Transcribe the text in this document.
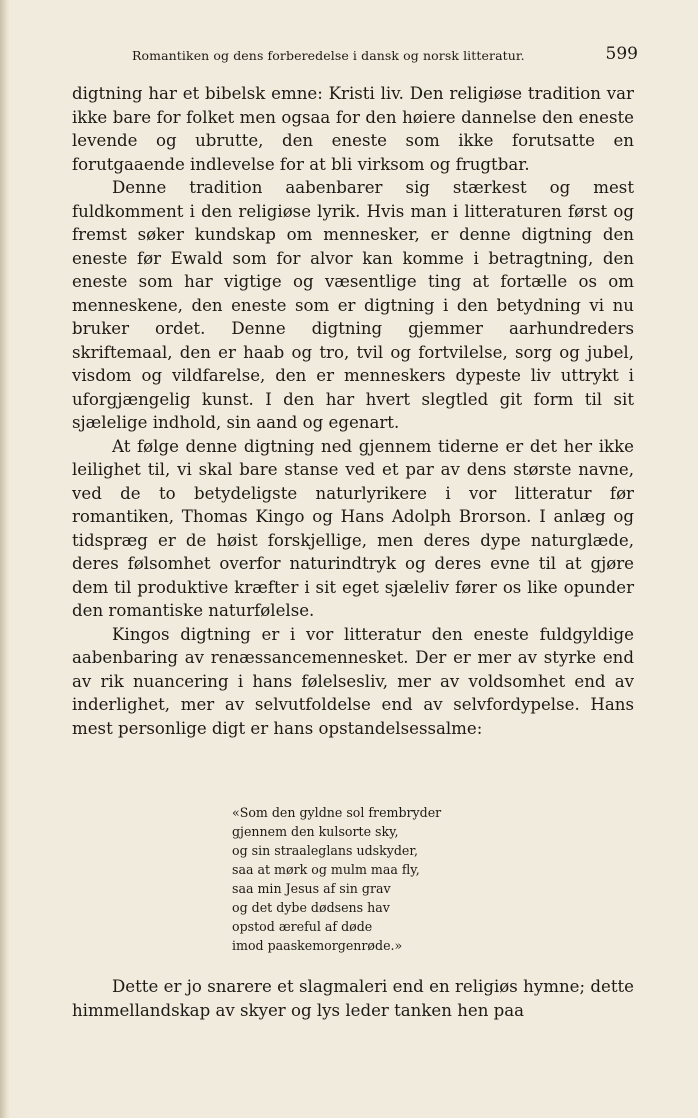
Romantiken og dens forberedelse i dansk og norsk litteratur.	599

digtning har et bibelsk emne: Kristi liv. Den religiøse tradition var ikke bare for folket men ogsaa for den høiere dannelse den eneste levende og ubrutte, den eneste som ikke forutsatte en forutgaaende indlevelse for at bli virksom og frugtbar.

Denne tradition aabenbarer sig stærkest og mest fuldkomment i den religiøse lyrik. Hvis man i litteraturen først og fremst søker kundskap om mennesker, er denne digtning den eneste før Ewald som for alvor kan komme i betragtning, den eneste som har vigtige og væsentlige ting at fortælle os om menneskene, den eneste som er digtning i den betydning vi nu bruker ordet. Denne digtning gjemmer aarhundreders skriftemaal, den er haab og tro, tvil og fortvilelse, sorg og jubel, visdom og vildfarelse, den er menneskers dypeste liv uttrykt i uforgjængelig kunst. I den har hvert slegtled git form til sit sjælelige indhold, sin aand og egenart.

At følge denne digtning ned gjennem tiderne er det her ikke leilighet til, vi skal bare stanse ved et par av dens største navne, ved de to betydeligste naturlyrikere i vor litteratur før romantiken, Thomas Kingo og Hans Adolph Brorson. I anlæg og tidspræg er de høist forskjellige, men deres dype naturglæde, deres følsomhet overfor naturindtryk og deres evne til at gjøre dem til produktive kræfter i sit eget sjæleliv fører os like opunder den romantiske naturfølelse.

Kingos digtning er i vor litteratur den eneste fuldgyldige aabenbaring av renæssancemennesket. Der er mer av styrke end av rik nuancering i hans følelsesliv, mer av voldsomhet end av inderlighet, mer av selvutfoldelse end av selvfordypelse. Hans mest personlige digt er hans opstandelsessalme:

«Som den gyldne sol frembryder
gjennem den kulsorte sky,
og sin straaleglans udskyder,
saa at mørk og mulm maa fly,
saa min Jesus af sin grav
og det dybe dødsens hav
opstod æreful af døde
imod paaskemorgenrøde.»

Dette er jo snarere et slagmaleri end en religiøs hymne; dette himmellandskap av skyer og lys leder tanken hen paa
